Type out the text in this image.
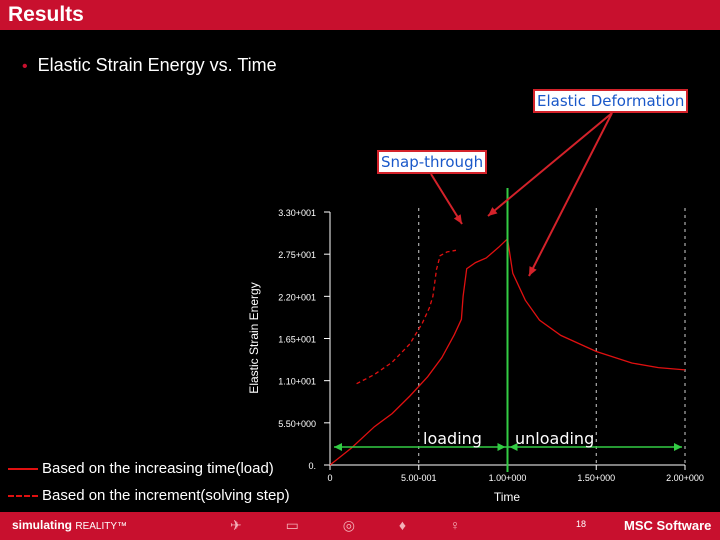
Results
• Elastic Strain Energy vs. Time
0.
5.50+000
1.10+001
1.65+001
2.20+001
2.75+001
3.30+001
0	5.00-001	1.00+000	1.50+000	2.00+000
Elastic Strain Energy
Time
Elastic Deformation
Snap-through
loading unloading
Based on the increasing time(load)
Based on the increment(solving step)
simulating REALITY™	✈ ▭ ◎ ♦ ♀	18	MSC Software
